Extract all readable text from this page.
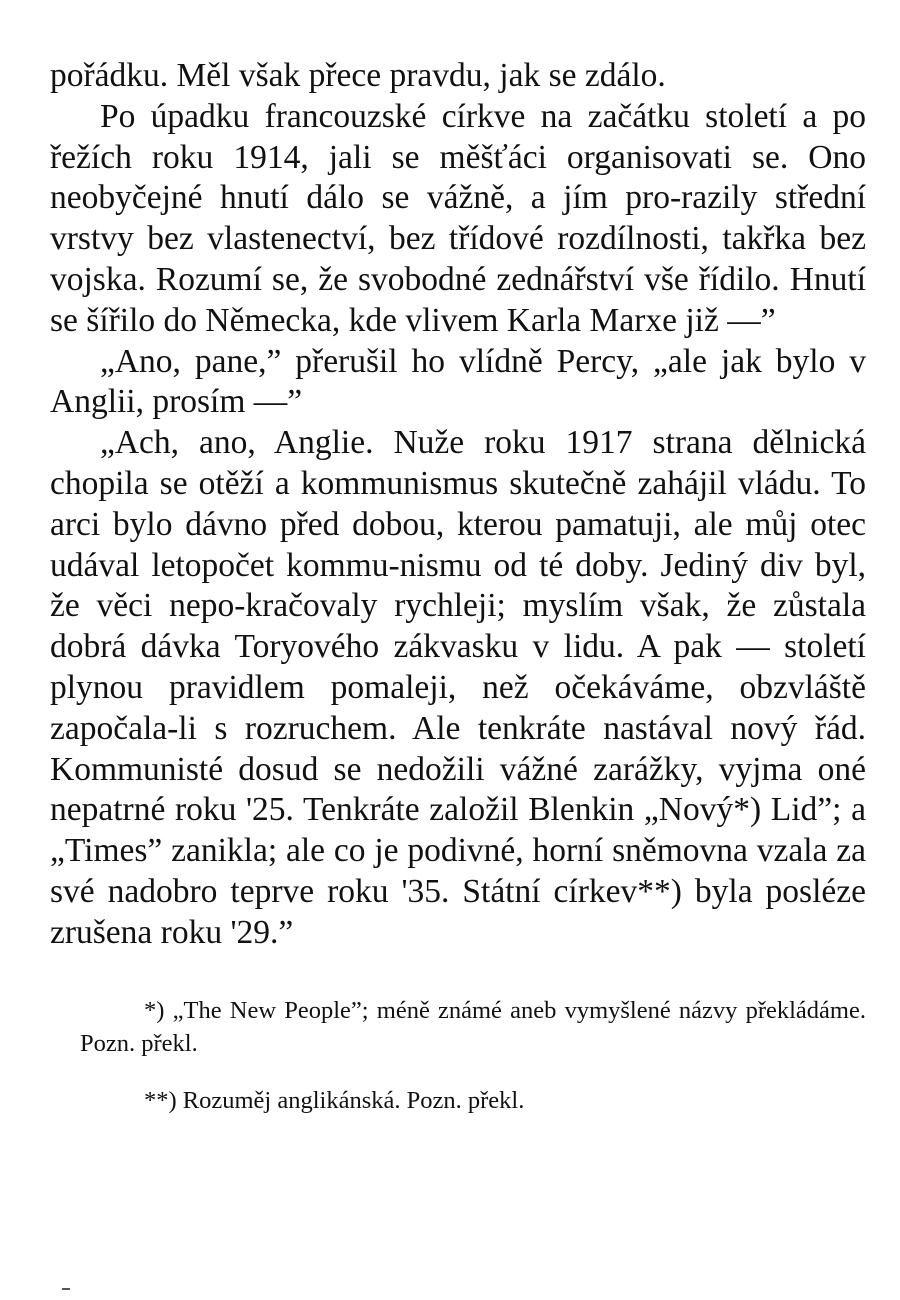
pořádku. Měl však přece pravdu, jak se zdálo.

Po úpadku francouzské církve na začátku století a po řežích roku 1914, jali se měšťáci organisovati se. Ono neobyčejné hnutí dálo se vážně, a jím pro-razily střední vrstvy bez vlastenectví, bez třídové rozdílnosti, takřka bez vojska. Rozumí se, že svobodné zednářství vše řídilo. Hnutí se šířilo do Německa, kde vlivem Karla Marxe již —”

„Ano, pane,” přerušil ho vlídně Percy, „ale jak bylo v Anglii, prosím —”

„Ach, ano, Anglie. Nuže roku 1917 strana dělnická chopila se otěží a kommunismus skutečně zahájil vládu. To arci bylo dávno před dobou, kterou pamatuji, ale můj otec udával letopočet kommu-nismu od té doby. Jediný div byl, že věci nepo-kračovaly rychleji; myslím však, že zůstala dobrá dávka Toryového zákvasku v lidu. A pak — století plynou pravidlem pomaleji, než očekáváme, obzvláště započala-li s rozruchem. Ale tenkráte nastával nový řád. Kommunisté dosud se nedožili vážné zarážky, vyjma oné nepatrné roku '25. Tenkráte založil Blenkin „Nový*) Lid”; a „Times” zanikla; ale co je podivné, horní sněmovna vzala za své nadobro teprve roku '35. Státní církev**) byla posléze zrušena roku '29.”

*) „The New People”; méně známé aneb vymyšlené názvy překládáme. Pozn. překl.

**) Rozuměj anglikánská. Pozn. překl.
